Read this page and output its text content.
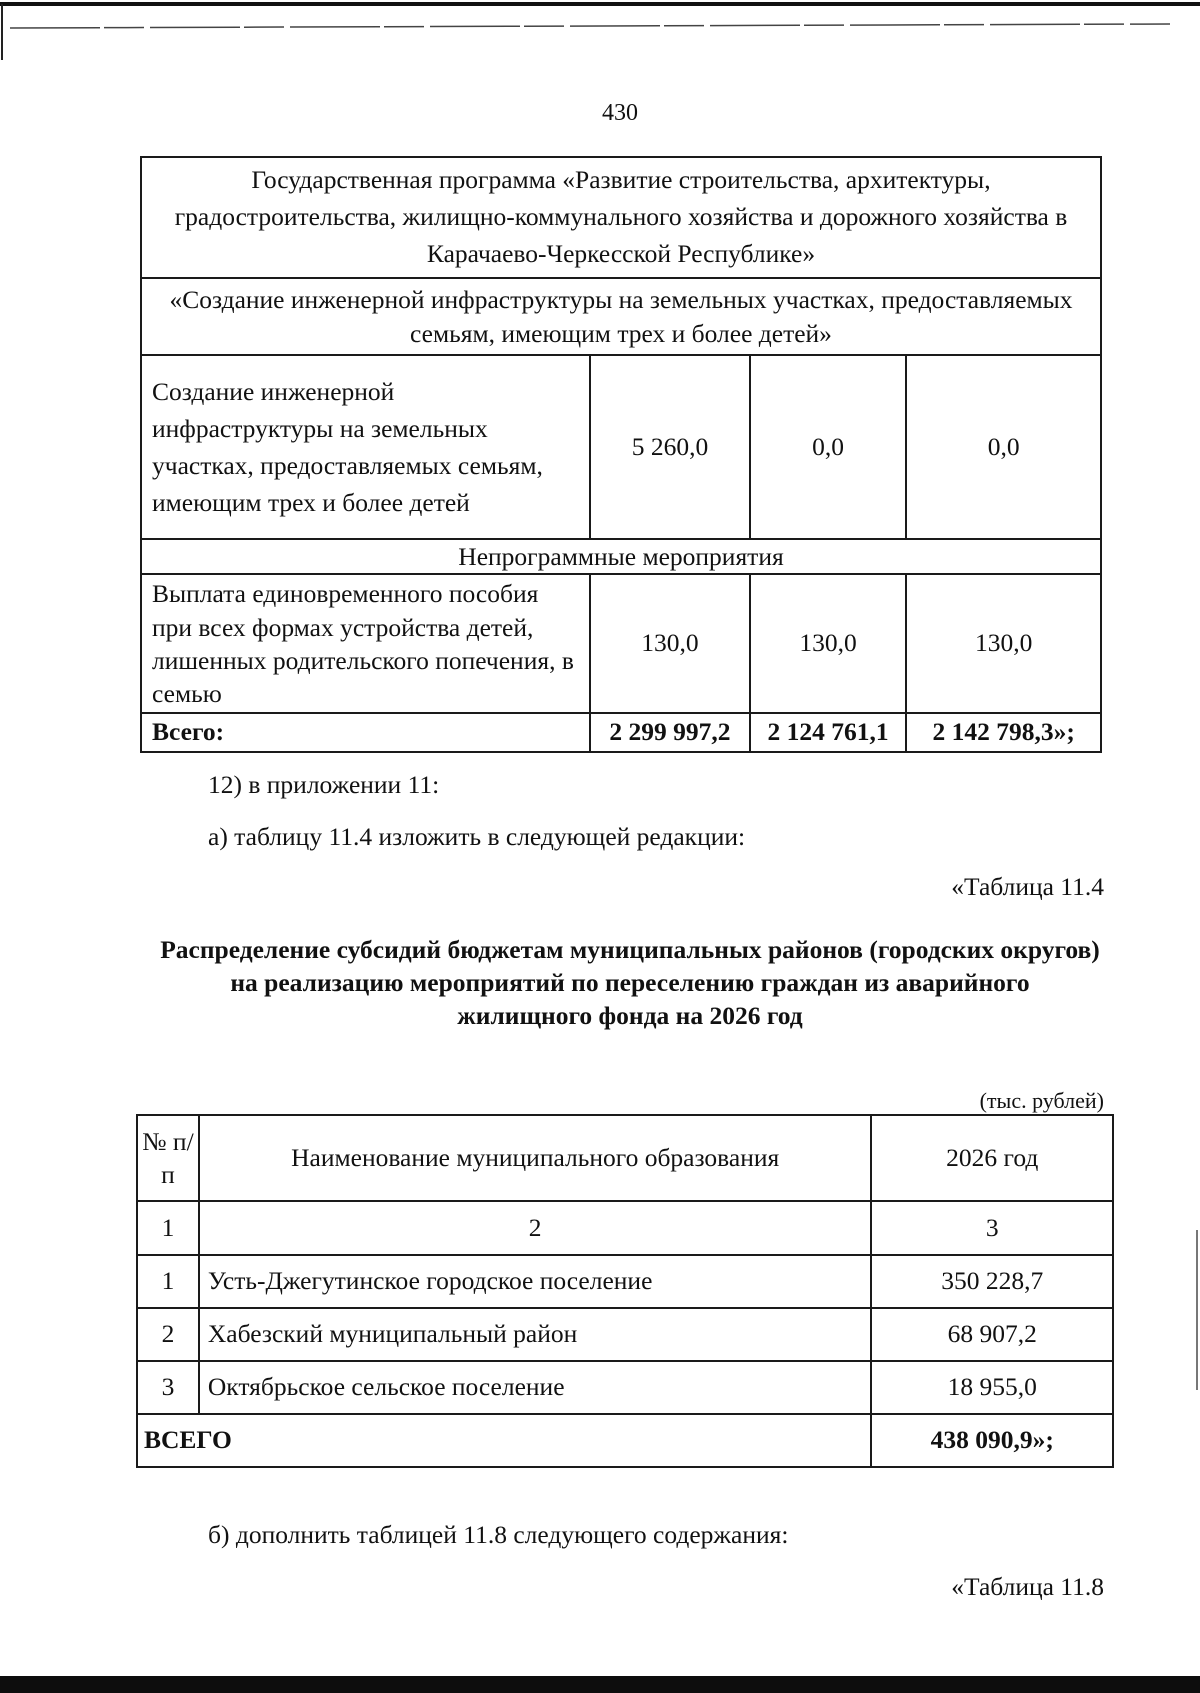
430
Государственная программа «Развитие строительства, архитектуры, градостроительства, жилищно-коммунального хозяйства и дорожного хозяйства в Карачаево-Черкесской Республике»			
«Создание инженерной инфраструктуры на земельных участках, предоставляемых семьям, имеющим трех и более детей»			
Создание инженерной инфраструктуры на земельных участках, предоставляемых семьям, имеющим трех и более детей	5 260,0	0,0	0,0
Непрограммные мероприятия			
Выплата единовременного пособия при всех формах устройства детей, лишенных родительского попечения, в семью	130,0	130,0	130,0
Всего:	2 299 997,2	2 124 761,1	2 142 798,3»;
12) в приложении 11:
а) таблицу 11.4 изложить в следующей редакции:
«Таблица 11.4
Распределение субсидий бюджетам муниципальных районов (городских округов) на реализацию мероприятий по переселению граждан из аварийного жилищного фонда на 2026 год
(тыс. рублей)
№ п/п	Наименование муниципального образования	2026 год
1	2	3
1	Усть-Джегутинское городское поселение	350 228,7
2	Хабезский муниципальный район	68 907,2
3	Октябрьское сельское поселение	18 955,0
ВСЕГО		438 090,9»;
б) дополнить таблицей 11.8 следующего содержания:
«Таблица 11.8
